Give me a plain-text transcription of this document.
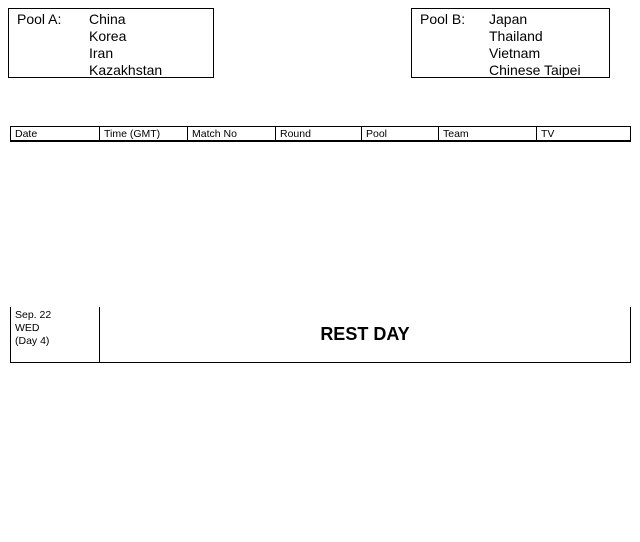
Pool A: China
Korea
Iran
Kazakhstan
Pool B: Japan
Thailand
Vietnam
Chinese Taipei
Date	Time (GMT)	Match No	Round	Pool	Team	TV
Sep. 22
WED
(Day 4)	REST DAY					
